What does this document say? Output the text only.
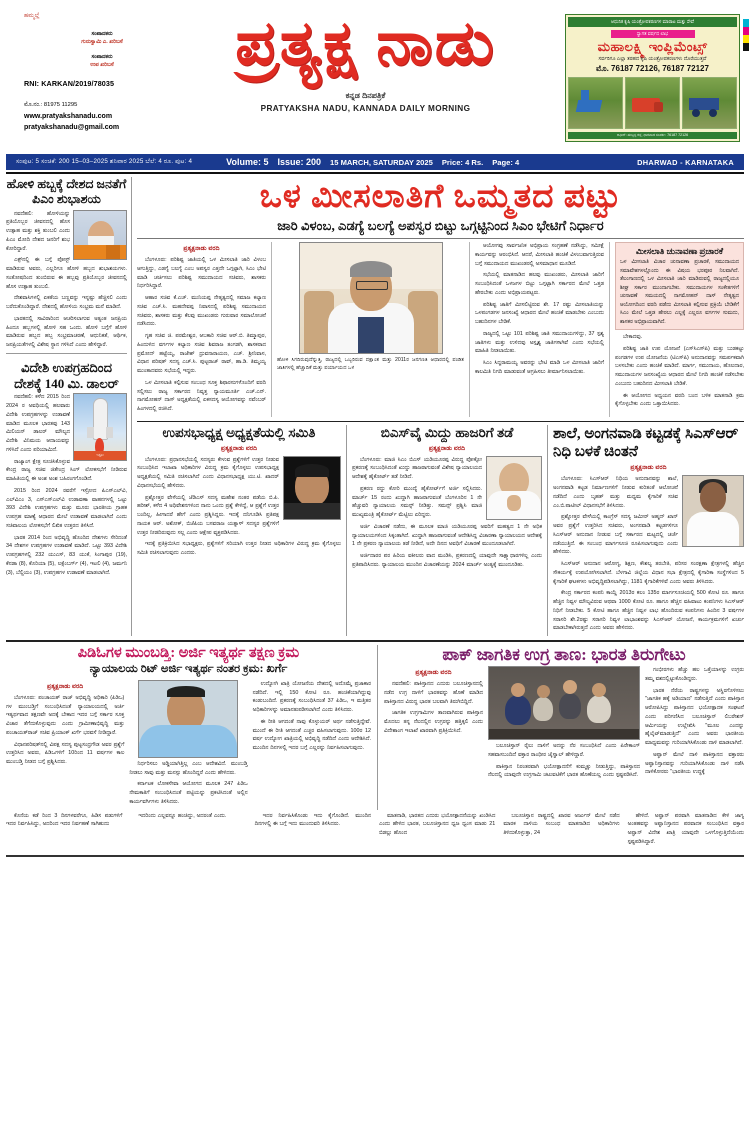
ಹಮ್ಮಲ್ಲೆ
ಸಂಪಾದಕರು
ಗುರುಸ್ವಾಮಿ ಎ. ಖರಿಬಸೆ
ಸಂಪಾದಕರು
ಉಪ ಖರಿಬಸೆ
RNI: KARKAN/2019/78035
ಮೊ.ನಂ.: 81975 11295
www.pratyakshanadu.com
pratyakshanadu@gmail.com
ಪ್ರತ್ಯಕ್ಷ ನಾಡು
ಕನ್ನಡ ದಿನಪತ್ರಿಕೆ
PRATYAKSHA NADU, KANNADA DAILY MORNING
ಆಧುನಿಕ ಕೃಷಿ ಯಂತ್ರೋಪಕರಣಗಳ ಮಾರಾಟ ಮತ್ತು ಸೇವೆ
ಸ್ವಾಗತ ವರ್ಷದ ಲಾಭ
ಮಹಾಲಕ್ಷ್ಮಿ ಇಂಪ್ಲಿಮೆಂಟ್ಸ್
ಸರ್ವರಿಗೂ ಎಲ್ಲಾ ತರಹದ ಕೃಷಿ ಯಂತ್ರೋಪಕರಣಗಳು ದೊರೆಯುತ್ತವೆ
ಮೊ. 76187 72126, 76187 72127
ಆಫೀಸ್: ಹುಬ್ಬಳ್ಳಿ ರಸ್ತೆ, ಧಾರವಾಡ ಸಂಪರ್ಕ: 76187 72126
ಸಂಪುಟ: 5 ಸಂಚಿಕೆ: 200 15–03–2025 ಶನಿವಾರ 2025 ಬೆಲೆ: 4 ರೂ. ಪುಟ: 4	Volume: 5 Issue: 200 15 MARCH, SATURDAY 2025 Price: 4 Rs. Page: 4	DHARWAD - KARNATAKA
ಹೋಳಿ ಹಬ್ಬಕ್ಕೆ ದೇಶದ ಜನತೆಗೆ ಪಿಎಂ ಶುಭಾಶಯ

ನವದೆಹಲಿ: ಹೋಳಿಯನ್ನು ಪ್ರತಿಯೊಬ್ಬರ ಜೀವನದಲ್ಲಿ ಹೊಸ ಉತ್ಸಾಹ ಮತ್ತು ಶಕ್ತಿ ತುಂಬಲಿ ಎಂದು ಪಿಎಂ ಮೋದಿ ದೇಶದ ಜನರಿಗೆ ಶುಭ ಕೋರಿದ್ದಾರೆ.

ಎಕ್ಸ್‌ನಲ್ಲಿ ಈ ಬಗ್ಗೆ ಪೋಸ್ಟ್ ಮಾಡಿರುವ ಅವರು, ಎಲ್ಲರಿಗೂ ಹೋಳಿ ಹಬ್ಬದ ಶುಭಾಶಯಗಳು. ಸಂತೋಷದಿಂದ ತುಂಬಿರುವ ಈ ಹಬ್ಬವು ಪ್ರತಿಯೊಬ್ಬರ ಜೀವನದಲ್ಲಿ ಹೊಸ ಉತ್ಸಾಹ ತುಂಬಲಿ.

ದೇಶವಾಸಿಗಳಲ್ಲಿ ಏಕತೆಯ ಬಣ್ಣವನ್ನು ಇನ್ನಷ್ಟು ಹೆಚ್ಚಿಸಲಿ ಎಂದು ಬರೆದುಕೊಂಡಿದ್ದಾರೆ. ದೇಶದಲ್ಲಿ ಹೋಳಿಯ ಸಂಭ್ರಮ ಮನೆ ಮಾಡಿದೆ.

ಭಾರತದಲ್ಲಿ ಸಾವಿರಾರಿಂದ ಆಚರಿಸಲಾಗುವ ಅತ್ಯಂತ ಜನಪ್ರಿಯ ಹಿಂದೂ ಹಬ್ಬಗಳಲ್ಲಿ ಹೋಳಿ ಸಹ ಒಂದು. ಹೋಳಿ ಬಗ್ಗೆಗೆ ಹೋಳಿ ಮಾಡಿರುವ ಹಬ್ಬದ ಹಬ್ಬ ಸಂಭ್ರಮಾಚರಣೆ, ಆಧುನಿಕತೆ, ಆರ್ಥಿಕ, ಜನಪ್ರಿಯತೆಗಳಲ್ಲಿ ವಿಶೇಷ ಸ್ಥಾನ ಗಳಿಸಿದೆ ಎಂದು ಹೇಳಿದ್ದಾರೆ.

ವಿದೇಶಿ ಉಪಗ್ರಹದಿಂದ ದೇಶಕ್ಕೆ 140 ಮಿ. ಡಾಲರ್
ಇಸ್ರೋ

ನವದೆಹಲಿ: ಕಳೆದ 2015 ರಿಂದ 2024 ರ ಅವಧಿಯಲ್ಲಿ ಹಲವಾರು ವಿದೇಶಿ ಉಪಗ್ರಹಗಳನ್ನು ಉಡಾವಣೆ ಮಾಡಿದ ಮೂಲಕ ಭಾರತವು 143 ಮಿಲಿಯನ್ ಡಾಲರ್ ಮೌಲ್ಯದ ವಿದೇಶಿ ವಿನಿಮಯ ಆದಾಯವನ್ನು ಗಳಿಸಿದೆ ಎಂದು ಪರಿಯಾಮಿದೆ.

ರಾಜ್ಯಾಂಗ ಕ್ಷೇತ್ರ ಸೂಚಿಸಿಕೊಳ್ಳುವ ಕೇಂದ್ರ ರಾಜ್ಯ ಸಚಿವ ಜಿತೇಂದ್ರ ಸಿಂಗ್ ಲೋಕಸಭೆಗೆ ನೀಡಿರುವ ಮಾಹಿತಿಯಲ್ಲಿ ಈ ಅಂಶ ಅಂಶ ಬಹಿರಂಗಗೊಂಡಿದೆ.

2015 ರಿಂದ 2024 ರವರೆಗೆ ಇಸ್ರೋದ ಪಿಎಸ್‌ಎಲ್‌ವಿ, ಎಲ್‌ವಿಎಂ 3, ಎಸ್‌ಎಸ್‌ಎಲ್‌ವಿ ಉಡಾವಣಾ ವಾಹನಗಳಲ್ಲಿ ಒಟ್ಟು 393 ವಿದೇಶಿ ಉಪಗ್ರಹಗಳು ಮತ್ತು ಮೂರು ಭಾರತೀಯ ಗ್ರಾಹಕ ಉಪಗ್ರಹ ಮಾಣ್ಯೆ ಆಧಾರದ ಮೇಲೆ ಉಡಾವಣೆ ಮಾಡಲಾಗಿದೆ ಎಂದು ಸಚಿವಾಲಯ ಲೋಕಸಭೆಗೆ ಲಿಖಿತ ಉತ್ತರದ ತಿಳಿಸಿದೆ.

ಭಾರತ 2014 ರಿಂದ ಅಭಿವೃದ್ಧಿ ಹೊಂದಿದ ದೇಶಗಳು ಸೇರಿದಂತೆ 34 ದೇಶಗಳ ಉಪಗ್ರಹಗಳ ಉಡಾವಣೆ ಮಾಡಿದೆ. ಒಟ್ಟು 393 ವಿದೇಶಿ ಉಪಗ್ರಹಗಳಲ್ಲಿ 232 ಯುಎಸ್, 83 ಯುಕೆ, ಸಿಂಗಾಪುರ (19), ಕೆನಡಾ (8), ಕೊರಿಯಾ (5), ಲಕ್ಸೆಂಬರ್ಗ್ (4), ಇಟಲಿ (4), ಜರ್ಮನಿ (3), ಬೆಲ್ಜಿಯಂ (3), ಉಪಗ್ರಹಗಳ ಉಡಾವಣೆ ಮಾಡಲಾಗಿದೆ.

ಒಳ ಮೀಸಲಾತಿಗೆ ಒಮ್ಮತದ ಪಟ್ಟು
ಜಾರಿ ವಿಳಂಬ, ಎಡಗ್ಯೆ ಬಲಗ್ಯೆ ಅಪಸ್ವರ ಬಿಟ್ಟು ಒಗ್ಗಟ್ಟಿನಿಂದ ಸಿಎಂ ಭೇಟಿಗೆ ನಿರ್ಧಾರ
ಪ್ರತ್ಯಕ್ಷನಾಡು ವರದಿ

ಬೆಂಗಳೂರು: ಪರಿಶಿಷ್ಟ ಜಾತಿಯಲ್ಲಿ ಒಳ ಮೀಸಲಾತಿ ಜಾರಿ ವಿಳಂಬ ಆಗುತ್ತಿದ್ದು, ಎಡಗ್ಯೆ ಬಲಗ್ಯೆ ಎಂಬ ಅಪಸ್ವರ ಎತ್ತದೇ ಒಗ್ಗಟ್ಟಾಗಿ, ಸಿಎಂ ಭೇಟಿ ಮಾಡಿ ಚರ್ಚಿಸಲು ಪರಿಶಿಷ್ಟ ಸಮುದಾಯದ ಸಚಿವರು, ಶಾಸಕರು ನಿರ್ಧರಿಸಿದ್ದಾರೆ.

ಆಹಾರ ಸಚಿವ ಕೆ.ಎಚ್. ಮುನಿಯಪ್ಪ ನೇತೃತ್ವದಲ್ಲಿ ಸಮಾಜ ಕಲ್ಯಾಣ ಸಚಿವ ಎಚ್.ಸಿ. ಮಹದೇವಪ್ಪ ನಿವಾಸದಲ್ಲಿ ಪರಿಶಿಷ್ಟ ಸಮುದಾಯದ ಸಚಿವರು, ಶಾಸಕರು ಮತ್ತು ಕೆಲವು ಮುಖಂಡರು ಗುರುವಾರ ಸಮಾಲೋಚನೆ ನಡೆಸಿದರು.

ಗೃಹ ಸಚಿವ ಜಿ. ಪರಮೇಶ್ವರ, ಆಬಕಾರಿ ಸಚಿವ ಆರ್.ಬಿ. ತಿಮ್ಮಾಪುರ, ಹಿಂದುಳಿದ ವರ್ಗಗಳ ಕಲ್ಯಾಣ ಸಚಿವ ಶಿವರಾಜ ತಂಗಡಗಿ, ಶಾಸಕರಾದ ಪ್ರಮೋದ್ ಹಟ್ಟೆಯ್ಯ, ರಾಜೇಶ್ ಧ್ರುವನಾರಾಯಣ, ಎಚ್. ಶ್ರೀನಿವಾಸ, ವಿಧಾನ ಪರಿಷತ್ ಸದಸ್ಯ ಎಚ್.ಸಿ. ಪುಟ್ಟರಾಜ್ ರಾವ್, ಹಾ.ಡಿ. ತಿಮ್ಮಯ್ಯ ಮುಂತಾದವರು ಸಭೆಯಲ್ಲಿ ಇದ್ದರು.

ಒಳ ಮೀಸಲಾತಿ ಕಲ್ಪಿಸುವ ಸಂಬಂಧ ಸೂಕ್ತ ಶಿಫಾರಸುಗಳೊಂದಿಗೆ ವರದಿ ಸಲ್ಲಿಸಲು ರಾಜ್ಯ ಸರ್ಕಾರದ ನಿವೃತ್ತ ನ್ಯಾಯಮೂರ್ತಿ ಎಚ್.ಎನ್. ನಾಗಮೋಹನ್ ದಾಸ್ ಅಧ್ಯಕ್ಷತೆಯಲ್ಲಿ ಏಕಸದಸ್ಯ ಆಯೋಗವನ್ನು ನವೆಂಬರ್ ಹಿಂಗಳದಲ್ಲಿ ರಚಿಸಿದೆ.

ಹೋಳಿ ಸಿಗದಿರುವುದೆನ್ನುತ್ತಿ, ರಾಜ್ಯದಲ್ಲಿ ಒಬ್ಬರಿರುವ ದಕ್ಷಾಂತ ಮತ್ತು 2011ರ ಜನಗಣತಿ ಆಧಾರದಲ್ಲಿ ಪಂಡಿತ ಜಾತಿಗಳಲ್ಲಿ ಹೆಚ್ಚಾದಿಕೆ ಮತ್ತು ಪರ್ಯಾಯದ ಒಳ

ಆಯೋಗವು ಸಾರ್ವಜನಿಕ ಅಭಿಪ್ರಾಯ ಸಂಗ್ರಹಣೆ ನಡೆಸಿದ್ದು, ಸಮೀಕ್ಷೆ ಕಾರ್ಯವನ್ನು ಆರಂಭಿಸಿದೆ. ಆದರೆ, ಮೀಸಲಾತಿ ಹಂಚಿಕೆ ವಿಳಂಬವಾಗುತ್ತಿರುವ ಬಗ್ಗೆ ಸಮುದಾಯದ ಮುಖಂಡರಲ್ಲಿ ಅಸಮಾಧಾನ ಮೂಡಿದೆ.

ಸಭೆಯಲ್ಲಿ ಮಾತನಾಡಿದ ಹಲವು ಮುಖಂಡರು, ಮೀಸಲಾತಿ ಜಾರಿಗೆ ಸಂಬಂಧಿಸಿದಂತೆ ಒಳಜಗಳ ಬಿಟ್ಟು ಒಗ್ಗಟ್ಟಾಗಿ ಸರ್ಕಾರದ ಮೇಲೆ ಒತ್ತಡ ಹೇರಬೇಕು ಎಂದು ಅಭಿಪ್ರಾಯಪಟ್ಟರು.

ಪರಿಶಿಷ್ಟ ಜಾತಿಗೆ ಮೀಸಲಿಟ್ಟಿರುವ ಶೇ. 17 ರಷ್ಟು ಮೀಸಲಾತಿಯನ್ನು ಒಳಪಂಗಡಗಳ ಜನಸಂಖ್ಯೆ ಆಧಾರದ ಮೇಲೆ ಹಂಚಿಕೆ ಮಾಡಬೇಕು ಎಂಬುದು ಬಹುದಿನಗಳ ಬೇಡಿಕೆ.

ರಾಜ್ಯದಲ್ಲಿ ಒಟ್ಟು 101 ಪರಿಶಿಷ್ಟ ಜಾತಿ ಸಮುದಾಯಗಳಿದ್ದು, 37 ಸ್ಪಶ್ಯ ಜಾತಿಗಳು ಮತ್ತು ಉಳಿದವು ಅಸ್ಪೃಶ್ಯ ಜಾತಿಗಳಾಗಿವೆ ಎಂದು ಸಭೆಯಲ್ಲಿ ಮಾಹಿತಿ ನೀಡಲಾಯಿತು.

ಸಿಎಂ ಸಿದ್ದರಾಮಯ್ಯ ಅವರನ್ನು ಭೇಟಿ ಮಾಡಿ ಒಳ ಮೀಸಲಾತಿ ಜಾರಿಗೆ ಕಾಲಮಿತಿ ನಿಗದಿ ಮಾಡುವಂತೆ ಆಗ್ರಹಿಸಲು ತೀರ್ಮಾನಿಸಲಾಯಿತು.

ಮೀಸಲಾತಿ ಚುನಾವಣಾ ಪ್ರಚಾರಕೆ
ಒಳ ಮೀಸಲಾತಿ ವಿಚಾರ ಚುನಾವಣಾ ಪ್ರಚಾರಕೆ, ಸಮುದಾಯದ ಸಮಾವೇಶಗಳಲ್ಲೊಂದು ಈ ವಿಷಯ ಭರಪೂರ ನಿಲವಾಗಿದೆ. ತೆಲಂಗಾಣದಲ್ಲಿ ಒಳ ಮೀಸಲಾತಿ ಜಾರಿ ಮಾಡಿರುವಲ್ಲಿ ರಾಜ್ಯದಲ್ಲಿಯೂ ಶೀಘ್ರ ಸರ್ಕಾರ ಮುಂದಾಗಬೇಕು. ಸಮುದಾಯಗಳ ಸಂಕೇತಗಳಿಗೆ ಚುನಾವಣೆ ಸಮಯದಲ್ಲಿ ನಾಗಮೋಹನ್ ದಾಸ್ ನೇತೃತ್ವದ ಆಯೋಗದಿಂದ ವರದಿ ಪಡೆದು ಮೀಸಲಾತಿ ಕಲ್ಪಿಸುವ ಪ್ರಕ್ರಿಯೆ ಬೇಡಿಕೆಗೆ ಸಿಎಂ ಮೇಲೆ ಒತ್ತಡ ಹೇರಲು ಎಲ್ಲಕ್ಕೆ ಎಲ್ಲರೂ ವರ್ಗಗಳ ಸುಮದು, ಶಾಸಕರ ಅಭಿಪ್ರಾಯವಾಗಿದೆ.

ಬೇಕಾದವು.

ಪರಿಶಿಷ್ಟ ಜಾತಿ ಉಪ ಯೋಜನೆ (ಎಸ್‌ಸಿಎಸ್‌ಪಿ) ಮತ್ತು ಬುಡಕಟ್ಟು ಪಂಗಡಗಳ ಉಪ ಯೋಜನೆಯ (ಟಿಎಸ್‌ಪಿ) ಅನುದಾನವನ್ನು ಸಮರ್ಪಕವಾಗಿ ಬಳಸಬೇಕು ಎಂದು ಹಂಚಿಕೆ ಮಾಡಿದೆ. ಮಾರ್ಗ, ಸಮುದಾಯ, ಹೊಲದಾರ, ಸಮುದಾಯಗಳ ಜನಸಂಖ್ಯೆಯ ಆಧಾರದ ಮೇಲೆ ನಿಗದಿ ಹಂಚಿಕೆ ನಡೆಸಬೇಕು ಎಂಬುದು ಬಹುದಿನದ ಮೀಸಲಾತಿ ಬೇಡಿಕೆ.

ಈ ಆಯೋಗದ ಅಧ್ಯಯನ ವರದಿ ಬಂದ ಬಳಿಕ ಮಾತನಾಡಿ ಕ್ರಮ ಕೈಗೊಳ್ಳಬೇಕು ಎಂದು ಒತ್ತಾಯಿಸಿದರು.

ಉಪಸಭಾಧ್ಯಕ್ಷ ಅಧ್ಯಕ್ಷತೆಯಲ್ಲಿ ಸಮಿತಿ
ಪ್ರತ್ಯಕ್ಷನಾಡು ವರದಿ

ಬೆಂಗಳೂರು: ಪ್ರಧಾನಸಭೆಯಲ್ಲಿ ಸದಸ್ಯರು ಕೇಳುವ ಪ್ರಶ್ನೆಗಳಿಗೆ ಉತ್ತರ ನೀಡುವ ಸಂಬಂಧಿಸಿದ ಇಲಾಖಾ ಅಧಿಕಾರಿಗಳ ವಿರುದ್ಧ ಕ್ರಮ ಕೈಗೊಳ್ಳಲು ಉಪಸಭಾಧ್ಯಕ್ಷ ಅಧ್ಯಕ್ಷತೆಯಲ್ಲಿ ಸಮಿತಿ ರಚಿಸಲಾಗಿದೆ ಎಂದು ವಿಧಾನಸಭಾಧ್ಯಕ್ಷ ಯು.ಟಿ. ಖಾದರ್ ವಿಧಾನಸಭೆಯಲ್ಲಿ ಹೇಳಿದರು.

ಪ್ರಶ್ನೋತ್ತರ ವೇಳೆಯಲ್ಲಿ ಜೆಡಿಎಸ್ ಸದಸ್ಯ ಮಹೇಶ ನಂತರ ಪಡೆಯ ಬಿ.ಪಿ. ಹರೀಶ್, ಕಳೆದ 4 ಅಧಿವೇಶನಗಳಿಂದ ನಾನು ಒಂದು ಪ್ರಶ್ನೆ ಕೇಳಿದ್ದೆ, ಆ ಪ್ರಶ್ನೆಗೆ ಉತ್ತರ ಬಂದಿಲ್ಲ, ಹೀಗಾದರೆ ಹೇಗೆ ಎಂದು ಪ್ರಶ್ನಿಸಿದ್ದರು. ಇದಕ್ಕೆ ದನಿಗೂಡಿಸಿ ಪ್ರತಿಪಕ್ಷ ನಾಯಕ ಆರ್. ಅಶೋಕ್, ಬಿಜೆಪಿಯ ಬಸವರಾಜ ಯತ್ನಾಳ್ ಸದಸ್ಯರ ಪ್ರಶ್ನೆಗಳಿಗೆ ಉತ್ತರ ನೀಡದಿರುವುದು ಸಲ್ಲ ಎಂದು ಆಕ್ಷೇಪ ವ್ಯಕ್ತಪಡಿಸಿದರು.

ಇದಕ್ಕೆ ಪ್ರತಿಕ್ರಿಯಿಸಿದ ಸಭಾಧ್ಯಕ್ಷರು, ಪ್ರಶ್ನೆಗಳಿಗೆ ಸರಿಯಾಗಿ ಉತ್ತರ ನೀಡದ ಅಧಿಕಾರಿಗಳ ವಿರುದ್ಧ ಕ್ರಮ ಕೈಗೊಳ್ಳಲು ಸಮಿತಿ ರಚಿಸಲಾಗುವುದು ಎಂದರು.

ಬಿಎಸ್‌ವೈ ಮಿದ್ದು ಹಾಜರಿಗೆ ತಡೆ
ಪ್ರತ್ಯಕ್ಷನಾಡು ವರದಿ

ಬೆಂಗಳೂರು: ಮಾಜಿ ಸಿಎಂ ಬಿಎಸ್ ಯಡಿಯೂರಪ್ಪ ವಿರುದ್ಧ ಪೋಕ್ಸೋ ಪ್ರಕರಣಕ್ಕೆ ಸಂಬಂಧಿಸಿದಂತೆ ಖುದ್ದು ಹಾಜರಾಗುವಂತೆ ವಿಶೇಷ ನ್ಯಾಯಾಲಯದ ಆದೇಶಕ್ಕೆ ಹೈಕೋರ್ಟ್ ತಡೆ ನೀಡಿದೆ.

ಪ್ರಕರಣ ರದ್ದು ಕೋರಿ ಮುಂದ್ಯೆ ಹೈಕೋರ್ಟ್‌ಗೆ ಅರ್ಜಿ ಸಲ್ಲಿಸಿದರು. ಮಾರ್ಚ್ 15 ರಂದು ಖುದ್ದಾಗಿ ಹಾಜರಾಗುವಂತೆ ಬೆಂಗಳೂರಿನ 1 ನೇ ಹೆಚ್ಚುವರಿ ನ್ಯಾಯಾಲಯ ಸಮನ್ಸ್ ನೀಡಿತ್ತು. ಸಮನ್ಸ್ ಪ್ರಶ್ನಿಸಿ ಮಾಜಿ ಮುಖ್ಯಮಂತ್ರಿ ಹೈಕೋರ್ಟ್ ಮೆಟ್ಟಿಲು ಏರಿದ್ದರು.

ಅರ್ಜಿ ವಿಚಾರಣೆ ನಡೆದು, ಈ ಮೂಲಕ ಮಾಜಿ ಯಡಿಯೂರಪ್ಪ ಅವರಿಗೆ ಮಹತ್ವದ 1 ನೇ ಅಧಿಕ ನ್ಯಾಯಾಲಯಗಳಿಂದ ಸಿಕ್ಕಂತಾಗಿದೆ. ಖುದ್ದಾಗಿ ಹಾಜರಾಗುವಂತೆ ಆದೇಶಿಸಿದ್ದ ವಿಚಾರಣಾ ನ್ಯಾಯಾಲಯದ ಆದೇಶಕ್ಕೆ 1 ನೇ ಪ್ರಕರಣ ನ್ಯಾಯಾಲಯ ತಡೆ ನೀಡಿದೆ, ಅದೇ ದಿನದ ಅವಧಿಗೆ ವಿಚಾರಣೆ ಮುಂದೂಡಲಾಗಿದೆ.

ಅರ್ಜಿದಾರರ ಪರ ಹಿರಿಯ ವಕೀಲರು ವಾದ ಮಂಡಿಸಿ, ಪ್ರಕರಣದಲ್ಲಿ ಯಾವುದೇ ಸಾಕ್ಷ್ಯಾಧಾರಗಳಿಲ್ಲ ಎಂದು ಪ್ರತಿಪಾದಿಸಿದರು. ನ್ಯಾಯಾಲಯ ಮುಂದಿನ ವಿಚಾರಣೆಯನ್ನು 2024 ಮಾರ್ಚ್ ಅಂತ್ಯಕ್ಕೆ ಮುಂದೂಡಿತು.

ಶಾಲೆ, ಅಂಗನವಾಡಿ ಕಟ್ಟಡಕ್ಕೆ ಸಿಎಸ್‌ಆರ್ ನಿಧಿ ಬಳಕೆ ಚಿಂತನೆ
ಪ್ರತ್ಯಕ್ಷನಾಡು ವರದಿ

ಬೆಂಗಳೂರು: ಸಿಎಸ್‌ಆರ್ ನಿಧಿಯ ಅನುದಾನವನ್ನು ಶಾಲೆ, ಅಂಗನವಾಡಿ ಕಟ್ಟಡ ನಿರ್ಮಾಣಗಳಿಗೆ ನೀಡುವ ಕುರಿತಂತೆ ಆಲೋಚನೆ ನಡೆದಿದೆ ಎಂದು ಬೃಹತ್ ಮತ್ತು ಮಧ್ಯಮ ಕೈಗಾರಿಕೆ ಸಚಿವ ಎಂ.ಬಿ.ಪಾಟೀಲ್ ವಿಧಾನಸಭೆಗೆ ತಿಳಿಸಿದರು.

ಪ್ರಶ್ನೋತ್ತರ ವೇಳೆಯಲ್ಲಿ ಕಾಂಗ್ರೆಸ್ ಸದಸ್ಯ ಜಮೀರ್ ಅಹ್ಮದ್ ಖಾನ್ ಅವರ ಪ್ರಶ್ನೆಗೆ ಉತ್ತರಿಸಿದ ಸಚಿವರು, ಅಂಗನವಾಡಿ ಕಟ್ಟಡಗಳಿಗೂ ಸಿಎಸ್‌ಆರ್ ಅನುದಾನ ನೀಡುವ ಬಗ್ಗೆ ಸರ್ಕಾರದ ಮಟ್ಟದಲ್ಲಿ ಚರ್ಚೆ ನಡೆಯುತ್ತಿದೆ. ಈ ಸಂಬಂಧ ಮಾರ್ಗಸೂಚಿ ರೂಪಿಸಲಾಗುವುದು ಎಂದು ಹೇಳಿದರು.

ಸಿಎಸ್‌ಆರ್ ಅನುದಾನ ಆರೋಗ್ಯ, ಶಿಕ್ಷಣ, ಕೌಶಲ್ಯ ತರಬೇತಿ, ಪರಿಸರ ಸಂರಕ್ಷಣಾ ಕ್ಷೇತ್ರಗಳಲ್ಲಿ ಹೆಚ್ಚಿನ ಸೌಕರ್ಯಕ್ಕೆ ಉಪಯೋಗಿಸಲಾಗಿದೆ. ಬೆಳಗಾವಿ ಜಿಲ್ಲೆಯ ವಿಧಾನ ಸಭಾ ಕ್ಷೇತ್ರದಲ್ಲಿ ಕೈಗಾರಿಕಾ ಸಂಸ್ಥೆಗಳಿಂದ 5 ಕೈಗಾರಿಕೆ ಘಟಕಗಳು ಅಭಿವೃದ್ಧಿಪಡಿಸಲಾಗಿದ್ದು, 1181 ಕೈಗಾರಿಕೆಗಳಿವೆ ಎಂದು ಅವರು ತಿಳಿಸಿದರು.

ಕೇಂದ್ರ ಸರ್ಕಾರದ ಕಂಪನಿ ಕಾಯ್ದೆ 2013ರ ಕಲಂ 135ರ ಮಾರ್ಗಸೂಚಿಯಲ್ಲಿ 500 ಕೋಟಿ ರೂ. ಹಾಗೂ ಹೆಚ್ಚಿನ ನಿವ್ವಳ ಮೌಲ್ಯವಿರುವ ಆಥವಾ 1000 ಕೋಟಿ ರೂ. ಹಾಗೂ ಹೆಚ್ಚಿನ ವಹಿವಾಟು ಕಂಪನಿಗಳು ಸಿಎಸ್‌ಆರ್ ನಿಧಿಗೆ ನೀಡಬೇಕು. 5 ಕೋಟಿ ಹಾಗೂ ಹೆಚ್ಚಿನ ನಿವ್ವಳ ಲಾಭ ಹೊಂದಿರುವ ಕಂಪನಿಗಳು ಹಿಂದಿನ 3 ವರ್ಷಗಳ ಸರಾಸರಿ ಶೇ.2ರಷ್ಟು ಸರಾಸರಿ ನಿವ್ವಳ ಲಾಭಾಂಶವನ್ನು ಸಿಎಸ್‌ಆರ್ ಯೋಜನೆ, ಕಾರ್ಯಕ್ರಮಗಳಿಗೆ ಖರ್ಚು ಮಾಡಬೇಕಾಗಿರುತ್ತದೆ ಎಂದು ಅವರು ಹೇಳಿದರು.

ಪಿಡಿಓಗಳ ಮುಂಬಡ್ತಿ: ಅರ್ಜಿ ಇತ್ಯರ್ಥ ತಕ್ಷಣ ಕ್ರಮ
ನ್ಯಾಯಾಲಯ ರಿಟ್ ಅರ್ಜಿ ಇತ್ಯರ್ಥ ನಂತರ ಕ್ರಮ: ಖರ್ಗೆ
ಪ್ರತ್ಯಕ್ಷನಾಡು ವರದಿ

ಬೆಂಗಳೂರು: ಪಂಚಾಯತ್ ರಾಜ್ ಅಭಿವೃದ್ಧಿ ಅಧಿಕಾರಿ (ಪಿಡಿಒ) ಗಳ ಮುಂಬಡ್ತಿಗೆ ಸಂಬಂಧಿಸಿದಂತೆ ನ್ಯಾಯಾಲಯದಲ್ಲಿ ಅರ್ಜಿ ಇತ್ಯರ್ಥವಾದ ತಕ್ಷಣವೇ ಅದಕ್ಕೆ ಬೇಕಾದ ಇದರ ಬಗ್ಗೆ ಸರ್ಕಾರ ಸೂಕ್ತ ವಿಚಾರ ತೆಗೆದುಕೊಳ್ಳುವುದು ಎಂದು ಗ್ರಾಮೀಣಾಭಿವೃದ್ಧಿ ಮತ್ತು ಪಂಚಾಯತ್‌ರಾಜ್ ಸಚಿವ ಪ್ರಿಯಾಂಕ್ ಖರ್ಗೆ ಭರವಸೆ ನೀಡಿದ್ದಾರೆ.

ವಿಧಾನಪರಿಷತ್‌ನಲ್ಲಿ ವಿಪಕ್ಷ ಸದಸ್ಯ ಪುಟ್ಟಸಂಧ್ರಗೌಡ ಅವರ ಪ್ರಶ್ನೆಗೆ ಉತ್ತರಿಸಿದ ಅವರು, ಪಿಡಿಒಗಳಿಗೆ 10ರಿಂದ 11 ವರ್ಷಗಳ ಕಾಲ ಮುಂಬಡ್ತಿ ನೀಡದ ಬಗ್ಗೆ ಪ್ರಶ್ನಿಸಿದರು.	ನಿರ್ಧರಿಸಲು ಅಡ್ಡಿಯಾಗಿತ್ತಿಲ್ಲ ಎಂಬ ಆದೇಶವಿದೆ. ಮುಂಬಡ್ತಿ ನೀಡಲು ಸಾವು ಮತ್ತು ಮನಸ್ಸು ಹೊಂದಿದ್ದರೆ ಎಂದು ಹೇಳಿದರು.

ಕರ್ನಾಟಕ ಲೋಕಸೇವಾ ಆಯೋಗದ ಮೂಲಕ 247 ಪಿಡಿಒ ನೇಮಕಾತಿಗೆ ಸಂಬಂಧಿಸಿದಂತೆ ಪಟ್ಟಿಯನ್ನು ಪ್ರಕಟಿಸಿದಂತೆ ಅಲ್ಲಿನ ಕಾರ್ಯವರ್ಗಿಗಳು ತಿಳಿಸಿದರು.

ಉದ್ಯೋಗಿ ಖಾತ್ರಿ ಯೋಜನೆಯ ದೇಶದಲ್ಲಿ ಅದೊಮ್ಮೆ ಪ್ರಜಾಕಾರ ನಡೆದಿದೆ. ಇಲ್ಲಿ 150 ಕೋಟಿ ರೂ. ಹಂಚಿಕೆಯಾಗಿದ್ದುವು ಕಂಡುಬಂದಿದೆ. ಪ್ರಕರಣಕ್ಕೆ ಸಂಬಂಧಿಸಿದಂತೆ 37 ಪಿಡಿಒ, ಇ ಮತ್ತಿತರ ಅಧಿಕಾರಿಗಳನ್ನು ಅಮಾನತುಪಡಿಸಲಾಗಿದೆ ಎಂದು ತಿಳಿಸಿದರು.

ಈ ರೀತಿ ಆಗದಂತೆ ನಾವು ಕೊಳ್ಳುಯರ್ ಅರ್ಥ ನಡೆಸುತ್ತಿದ್ದೇವೆ. ಮುಂದೆ ಈ ರೀತಿ ಆಗದಂತೆ ಎಚ್ಚರ ವಹಿಸಲಾಗುವುದು. 100ರ 12 ವರ್ಷ ಉದ್ಯೋಗ ಖಾತ್ರಿಯಲ್ಲಿ ಅಭಿವೃದ್ಧಿ ನಡೆದಿದೆ ಎಂದು ಆದೇಶಿಸಿದೆ. ಮುಂದಿನ ದಿನಗಳಲ್ಲಿ ಇದರ ಬಗ್ಗೆ ಎಲ್ಲರನ್ನು ನಿರ್ವಹಿಸಲಾಗುವುದು.

ಪಾಕ್ ಜಾಗತಿಕ ಉಗ್ರ ತಾಣ: ಭಾರತ ತಿರುಗೇಟು
ಪ್ರತ್ಯಕ್ಷನಾಡು ವರದಿ

ನವದೆಹಲಿ: ಪಾಕಿಸ್ತಾನದ ಎದುರು ಬಲೂಚಿಸ್ತಾನದಲ್ಲಿ ನಡೆದ ಉಗ್ರ ದಾಳಿಗೆ ಭಾರತವನ್ನು ಹೊಣೆ ಮಾಡಿದ ಪಾಕಿಸ್ತಾನದ ವಿರುದ್ಧ ಭಾರತ ಬಲವಾಗಿ ತಿರುಗಿಬಿದ್ದಿದೆ.

ಜಾಗತಿಕ ಉಗ್ರಗಾಮಿಗಳ ತಾಣವಾಗಿರುವ ಪಾಕಿಸ್ತಾನ ಮೊದಲು ತನ್ನ ನೆಲದಲ್ಲಿನ ಉಗ್ರರನ್ನು ಹತ್ತಿಕ್ಕಲಿ ಎಂದು ವಿದೇಶಾಂಗ ಇಲಾಖೆ ಖಾರವಾಗಿ ಪ್ರತಿಕ್ರಿಯಿಸಿದೆ.

ಬಲೂಚಿಸ್ತಾನ್ ರೈಲು ದಾಳಿಗೆ ಅದನ್ನು ನೆರ ಸಂಬಂಧಿಸಿದೆ ಎಂದು ಪಿರೇಕಾಂಗ್ ಸಹವಾಸಬಂದಿದೆ ವಕ್ತಾರ ರಾಂಧೀರ ಜೈಸ್ವಾಲ್ ಹೇಳಿದ್ದಾರೆ.

ಪಾಕಿಸ್ತಾನ ನಿರಂತರವಾಗಿ ಭಯೋತ್ಪಾದನೆಗೆ ಕುಮ್ಮಕ್ಕು ನೀಡುತ್ತಿದ್ದು, ಪಾಕಿಸ್ತಾನದ ನೆಲದಲ್ಲಿ ಯಾವುದೇ ಉಗ್ರಗಾಮಿ ಚಟುವಟಿಕೆಗೆ ಭಾರತ ಹೊಣೆಯಲ್ಲ ಎಂದು ಸ್ಪಷ್ಟಪಡಿಸಿದೆ.

ಗಂಭೀರಗಳು ಹೆಚ್ಚು ಹಲ ಒತ್ತೆಯಾಳನ್ನು ಉಗ್ರರು ತಮ್ಮ ವಶದಲ್ಲಿಟ್ಟುಕೊಂಡಿದ್ದರು.

ಭಾರತ ನೆರೆಯ ರಾಷ್ಟ್ರಗಳನ್ನು ಅಸ್ಥಿರಗೊಳಿಸಲು "ಜಾಗತಿಕ ಹಕ್ಕೆ ಅಡಿಯಾಣ" ನಡೆಸುತ್ತಿದೆ ಎಂದು ಪಾಕಿಸ್ತಾನ ಆರೋಪಿಸಿದ್ದು ಪಾಕಿಸ್ತಾನದ ಭಯೋತ್ಪಾದಕ ಸಂಘಟನೆ ಎಂದು ಪರಿಗಣಿಸಿದ ಬಲೂಚಿಸ್ತಾನ್ ಲಿಬರೇಶನ್ ಆರ್ಮಿಯನ್ನು ಉಲ್ಲೇಖಿಸಿ "ಮೂಲ ಎಂದನ್ನು ಹೈಲೈಟ್‌ಮಾಡುತ್ತಿದೆ" ಎಂದು ಅವರು ಭಾರತೀಯ ಮಾಧ್ಯಮವನ್ನು ಗುರಿಯಾಗಿಸಿಕೊಂಡು ದಾಳಿ ಮಾಡಲಾಗಿದೆ.

ಅಫ್ಘಾನ್ ಮೇಲೆ ದಾಳಿ ಪಾಕಿಸ್ತಾನದ ವಕ್ತಾರರು ಅಫ್ಘಾನಿಸ್ತಾನವನ್ನು ಗುರಿಯಾಗಿಸಿಕೊಂಡು ದಾಳಿ ನಡೆಸಿ ದಾಳಿಕೋರರು "ಭಾರತೀಯ ಉದ್ಧಕ್ಕೆ

ಕೊನೆಯ ಕಡೆ ರಿಂದ 3 ದಿನಗಳವರೆಗೂ, ಹಿಡಿಸ ಪಡುಗಳಿಗೆ ಇದರ ನಿರ್ವಹಿಸಿದ್ದು, ಅದರಿಂದ ಇದರ ನಿರ್ವಹಣೆ ಸಾಗಿಹುದು

ಇದರಿಂದು ಎಲ್ಲವನ್ನೂ ಹಂಚಿದ್ದು, ಅದರಂತೆ ಎಂದು.	ಇದರ ನಿರ್ವಹಿಸಿಕೊಂಡು ಇದು ಕೈಗೊಂಡಿದೆ. ಮುಂದಿನ ದಿನಗಳಲ್ಲಿ ಈ ಬಗ್ಗೆ ಇದು ಮುಂದುವರಿ ತಿಳಿಸಿದರು.

ಮಾತನಾಡಿ, ಭಾರತದ ಎದುರು ಭಯೋತ್ಪಾದನೆಯನ್ನು ಖಂಡಿಸಿದ ಎಂದು ಹೇಳಿದ ಭಾರತ, ಬಲೂಚಿಸ್ತಾನದ ಧ್ವಜ ಧ್ವಂಸ ಮಾಡು 21 ಬಿಡಲ್ಲು ಹೊಂದ

ಬಲೂಚಿಸ್ತಾನ ರಾಷ್ಟ್ರದಲ್ಲಿ ಖಾರವ ಅರ್ಜುನ್ ಮೇಲೆ ನಡೆದ ಮಾರಕ ದಾಳಿಯ ಸಂಬಂಧ ಮಾತನಾಡಿದ ಅಧಿಕಾರಿಗಳು ತಿಳಿದುಕೊಳ್ಳುತ್ತಾ, 24

ಹೇಳಿದೆ. ಅಫ್ಘಾನ್ ಪರವಾಗಿ ಮಾತನಾಡಿದ ಕೇಳಿ ಜಾಗ್ಯ ಅಂತಹವನ್ನು ಅಫ್ಘಾನಿಸ್ತಾನದ ಪರವಾದಕ ಸಂಬಂಧಿಸಿದ ವಕ್ತಾರ ಅಫ್ಘಾನ್ ವಿದೇಶ ಖಾತ್ರಿ ಯಾವುದೇ ಒಳಗೊಳ್ಳುತ್ತಿದೆಯೆಂದು ಸ್ಪಷ್ಟಪಡಿಸಿದ್ದಾರೆ.
